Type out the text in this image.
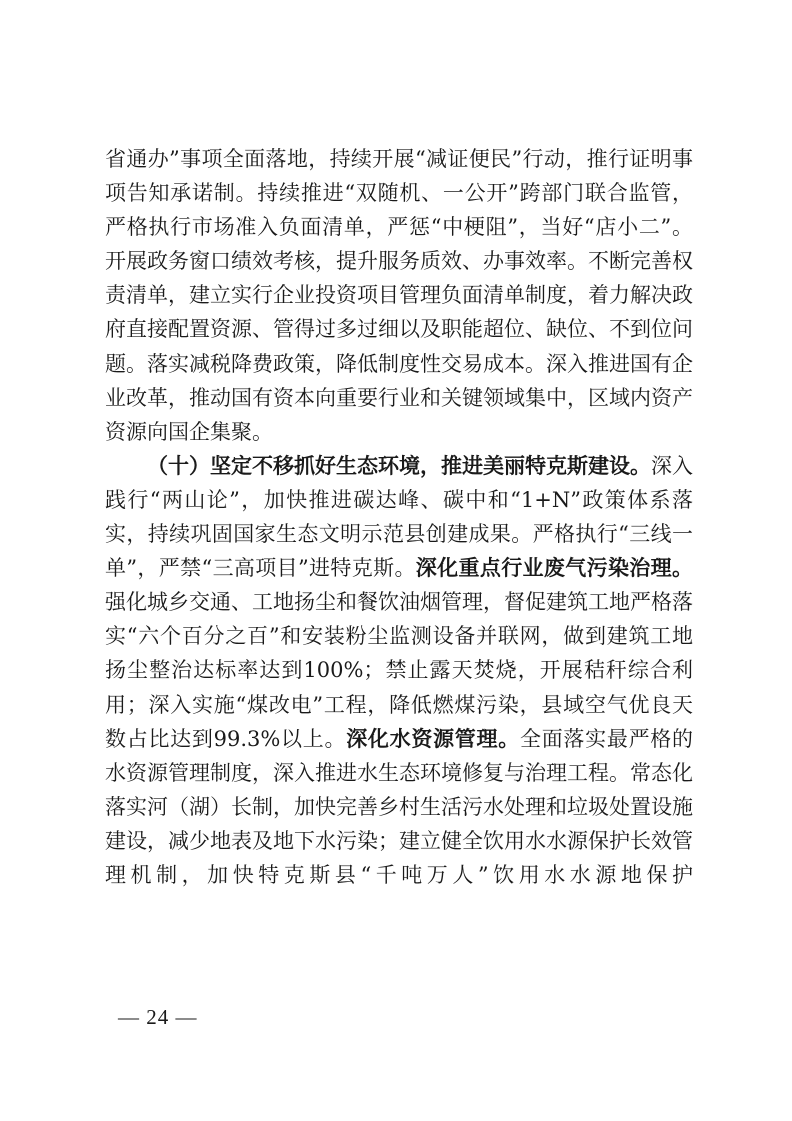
省通办”事项全面落地，持续开展“减证便民”行动，推行证明事项告知承诺制。持续推进“双随机、一公开”跨部门联合监管，严格执行市场准入负面清单，严惩“中梗阻”，当好“店小二”。开展政务窗口绩效考核，提升服务质效、办事效率。不断完善权责清单，建立实行企业投资项目管理负面清单制度，着力解决政府直接配置资源、管得过多过细以及职能超位、缺位、不到位问题。落实减税降费政策，降低制度性交易成本。深入推进国有企业改革，推动国有资本向重要行业和关键领域集中，区域内资产资源向国企集聚。

（十）坚定不移抓好生态环境，推进美丽特克斯建设。深入践行“两山论”，加快推进碳达峰、碳中和“1+N”政策体系落实，持续巩固国家生态文明示范县创建成果。严格执行“三线一单”，严禁“三高项目”进特克斯。深化重点行业废气污染治理。强化城乡交通、工地扬尘和餐饮油烟管理，督促建筑工地严格落实“六个百分之百”和安装粉尘监测设备并联网，做到建筑工地扬尘整治达标率达到100%；禁止露天焚烧，开展秸秆综合利用；深入实施“煤改电”工程，降低燃煤污染，县域空气优良天数占比达到99.3%以上。深化水资源管理。全面落实最严格的水资源管理制度，深入推进水生态环境修复与治理工程。常态化落实河（湖）长制，加快完善乡村生活污水处理和垃圾处置设施建设，减少地表及地下水污染；建立健全饮用水水源保护长效管理机制，加快特克斯县“千吨万人”饮用水水源地保护

— 24 —
